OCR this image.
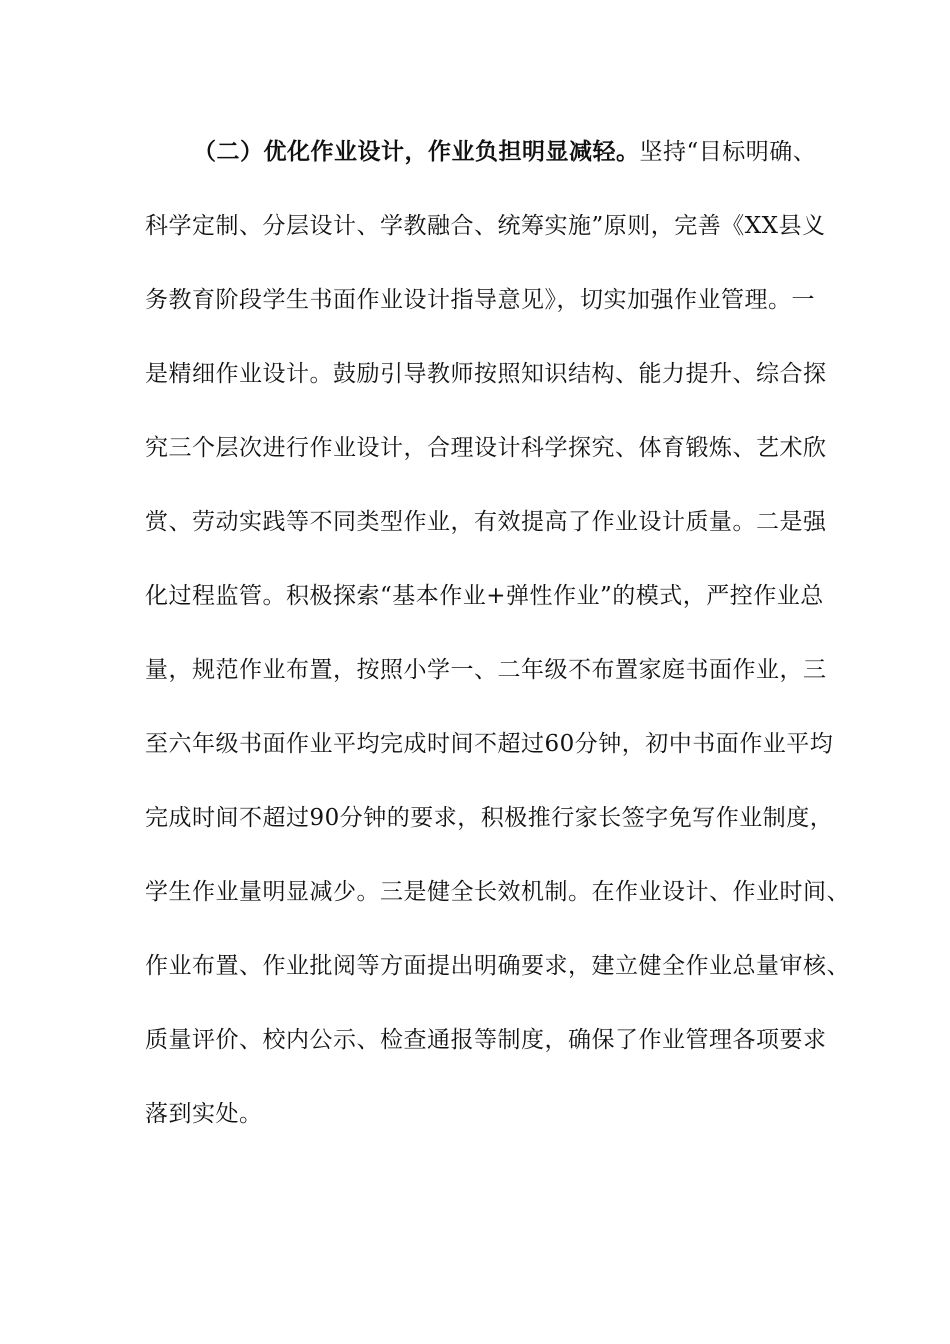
（二）优化作业设计，作业负担明显减轻。坚持“目标明确、
科学定制、分层设计、学教融合、统筹实施”原则，完善《XX县义
务教育阶段学生书面作业设计指导意见》，切实加强作业管理。一
是精细作业设计。鼓励引导教师按照知识结构、能力提升、综合探
究三个层次进行作业设计，合理设计科学探究、体育锻炼、艺术欣
赏、劳动实践等不同类型作业，有效提高了作业设计质量。二是强
化过程监管。积极探索“基本作业+弹性作业”的模式，严控作业总
量，规范作业布置，按照小学一、二年级不布置家庭书面作业，三
至六年级书面作业平均完成时间不超过60分钟，初中书面作业平均
完成时间不超过90分钟的要求，积极推行家长签字免写作业制度，
学生作业量明显减少。三是健全长效机制。在作业设计、作业时间、
作业布置、作业批阅等方面提出明确要求，建立健全作业总量审核、
质量评价、校内公示、检查通报等制度，确保了作业管理各项要求
落到实处。
